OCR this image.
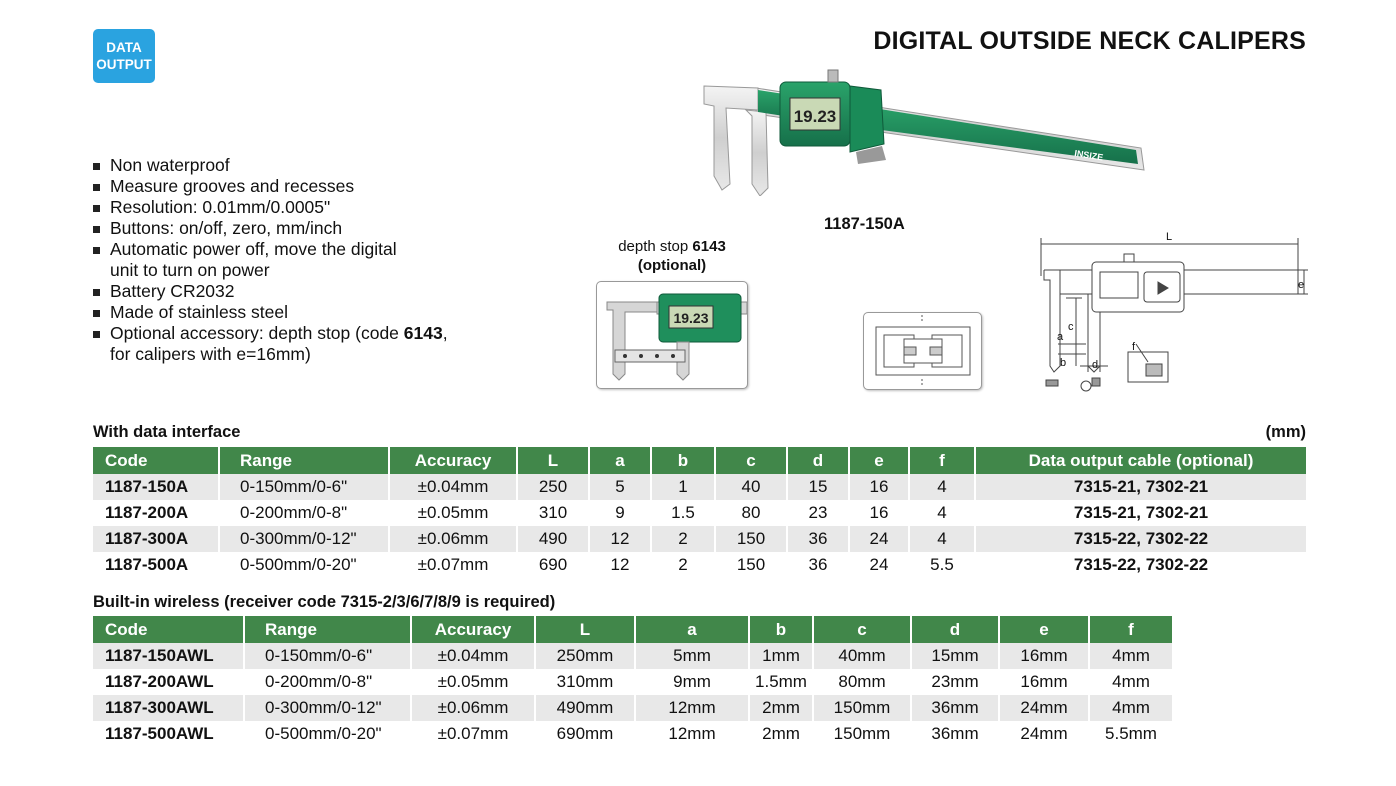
DATA
OUTPUT
DIGITAL OUTSIDE NECK CALIPERS
Non waterproof
Measure grooves and recesses
Resolution: 0.01mm/0.0005"
Buttons: on/off, zero, mm/inch
Automatic power off, move the digital
unit to turn on power
Battery CR2032
Made of stainless steel
Optional accessory: depth stop (code 6143,
for calipers with e=16mm)
19.23
INSIZE
1187-150A
depth stop 6143
(optional)
19.23
L
e
a
b
c
d
f
With data interface	(mm)
Code	Range	Accuracy	L	a	b	c	d	e	f	Data output cable (optional)
1187-150A	0-150mm/0-6"	±0.04mm	250	5	1	40	15	16	4	7315-21, 7302-21
1187-200A	0-200mm/0-8"	±0.05mm	310	9	1.5	80	23	16	4	7315-21, 7302-21
1187-300A	0-300mm/0-12"	±0.06mm	490	12	2	150	36	24	4	7315-22, 7302-22
1187-500A	0-500mm/0-20"	±0.07mm	690	12	2	150	36	24	5.5	7315-22, 7302-22
Built-in wireless (receiver code 7315-2/3/6/7/8/9 is required)
Code	Range	Accuracy	L	a	b	c	d	e	f
1187-150AWL	0-150mm/0-6"	±0.04mm	250mm	5mm	1mm	40mm	15mm	16mm	4mm
1187-200AWL	0-200mm/0-8"	±0.05mm	310mm	9mm	1.5mm	80mm	23mm	16mm	4mm
1187-300AWL	0-300mm/0-12"	±0.06mm	490mm	12mm	2mm	150mm	36mm	24mm	4mm
1187-500AWL	0-500mm/0-20"	±0.07mm	690mm	12mm	2mm	150mm	36mm	24mm	5.5mm
